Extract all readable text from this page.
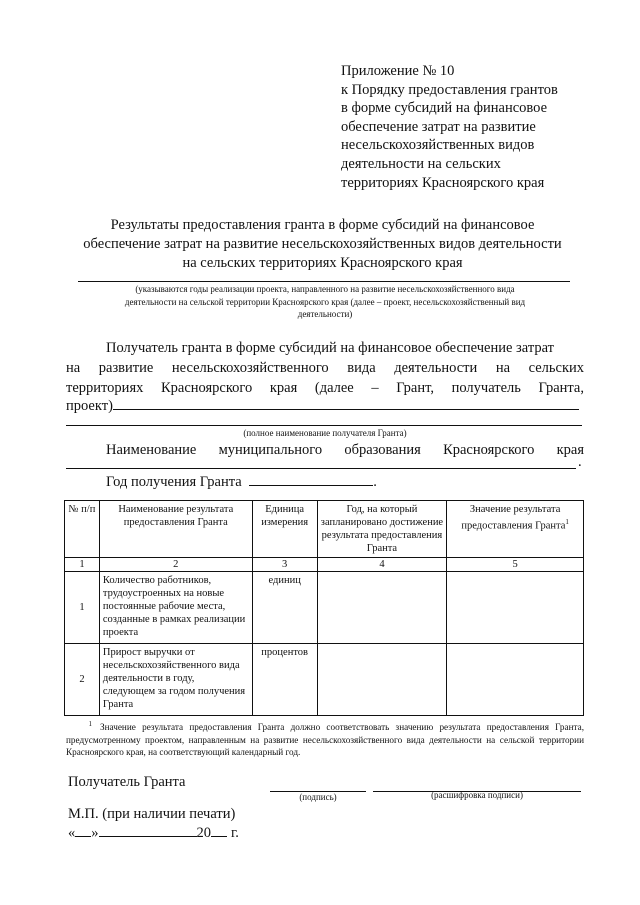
Приложение № 10
к Порядку предоставления грантов
в форме субсидий на финансовое
обеспечение затрат на развитие
несельскохозяйственных видов
деятельности на сельских
территориях Красноярского края
Результаты предоставления гранта в форме субсидий на финансовое
обеспечение затрат на развитие несельскохозяйственных видов деятельности
на сельских территориях Красноярского края
(указываются годы реализации проекта, направленного на развитие несельскохозяйственного вида
деятельности на сельской территории Красноярского края (далее – проект, несельскохозяйственный вид
деятельности)
Получатель гранта в форме субсидий на финансовое обеспечение затрат
на развитие несельскохозяйственного вида деятельности на сельских
территориях Красноярского края (далее – Грант, получатель Гранта,
проект)
(полное наименование получателя Гранта)
Наименование муниципального образования Красноярского края
.
Год получения Гранта	.
№ п/п	Наименование результата предоставления Гранта	Единица измерения	Год, на который запланировано достижение результата предоставления Гранта	Значение результата предоставления Гранта$^1$
1	2	3	4	5
1	Количество работников, трудоустроенных на новые постоянные рабочие места, созданные в рамках реализации проекта	единиц		
2	Прирост выручки от несельскохозяйственного вида деятельности в году, следующем за годом получения Гранта	процентов		
$^1$ Значение результата предоставления Гранта должно соответствовать значению результата предоставления Гранта, предусмотренному проектом, направленным на развитие несельскохозяйственного вида деятельности на сельской территории Красноярского края, на соответствующий календарный год.
Получатель Гранта
(подпись)	(расшифровка подписи)
М.П. (при наличии печати)
« »	20 г.
